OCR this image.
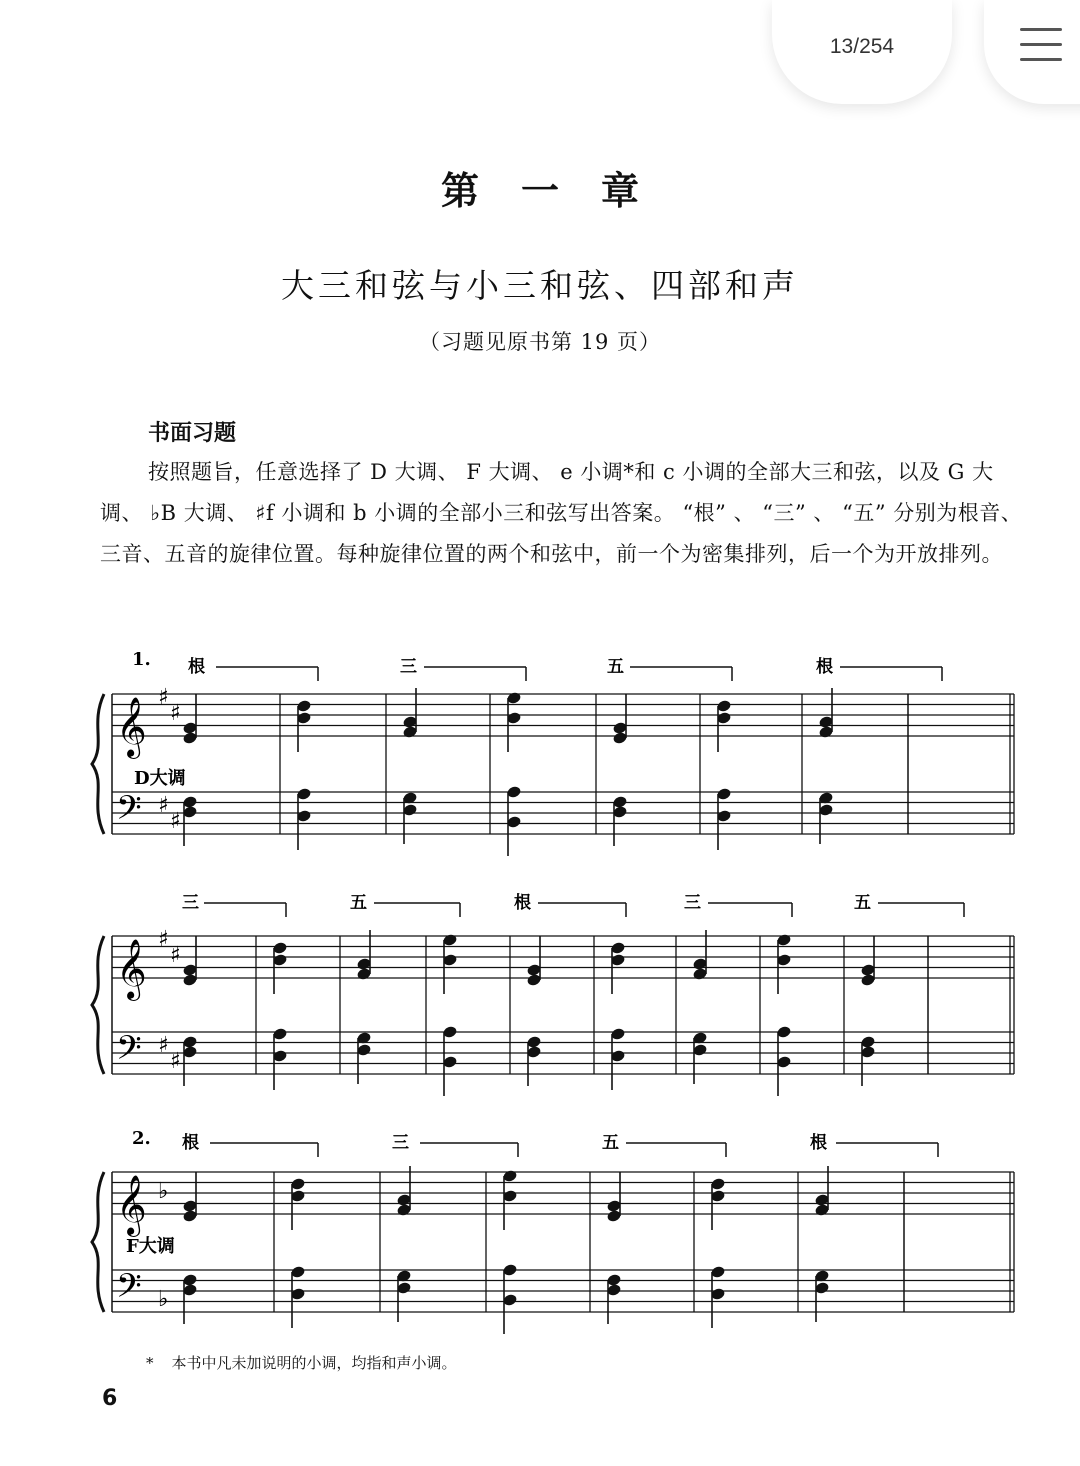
13/254
第一章
大三和弦与小三和弦、四部和声
（习题见原书第 19 页）
书面习题
按照题旨，任意选择了 D 大调、 F 大调、 e 小调*和 c 小调的全部大三和弦，以及 G 大调、 ♭B 大调、 ♯f 小调和 b 小调的全部小三和弦写出答案。 “根” 、 “三” 、 “五” 分别为根音、三音、五音的旋律位置。每种旋律位置的两个和弦中，前一个为密集排列，后一个为开放排列。
1.
D大调
𝄞
𝄢
♯
♯
♯
♯
根	三	五	根
𝄞
𝄢
♯
♯
♯
♯
三	五	根	三	五
2.
F大调
𝄞
𝄢
♭
♭
根	三	五	根
* 本书中凡未加说明的小调，均指和声小调。
6
